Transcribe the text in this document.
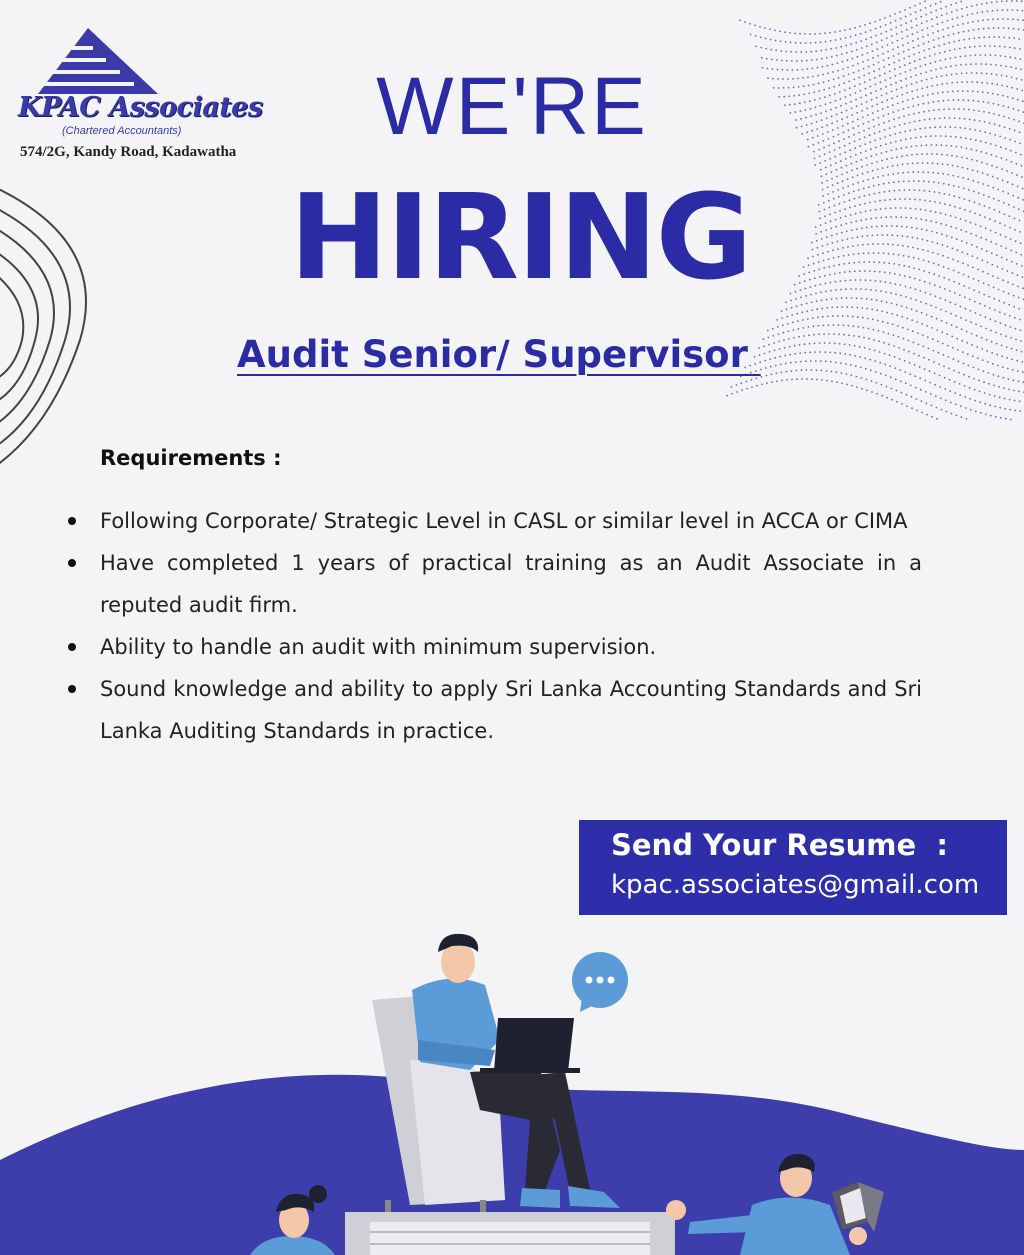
KPAC Associates
(Chartered Accountants)
574/2G, Kandy Road, Kadawatha	WE'RE
HIRING
Audit Senior/ Supervisor
Requirements :
Following Corporate/ Strategic Level in CASL or similar level in ACCA or CIMA
Have completed 1 years of practical training as an Audit Associate in a reputed audit firm.
Ability to handle an audit with minimum supervision.
Sound knowledge and ability to apply Sri Lanka Accounting Standards and Sri Lanka Auditing Standards in practice.
Send Your Resume  :
kpac.associates@gmail.com
